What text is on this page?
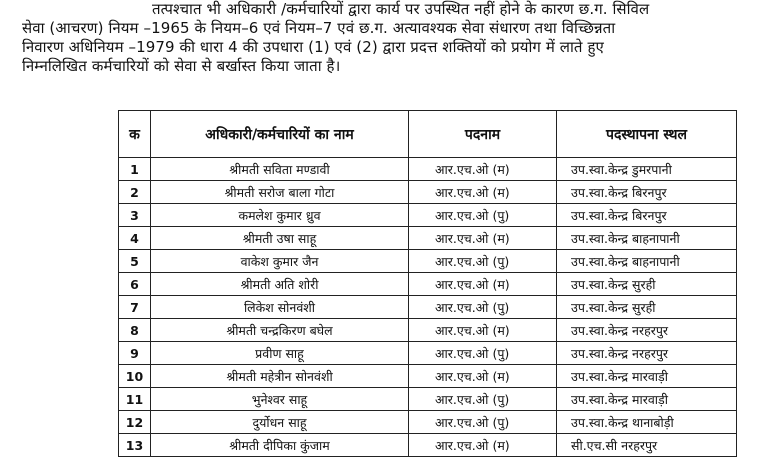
तत्पश्चात भी अधिकारी /कर्मचारियों द्वारा कार्य पर उपस्थित नहीं होने के कारण छ.ग. सिविल
सेवा (आचरण) नियम –1965 के नियम–6 एवं नियम–7 एवं छ.ग. अत्यावश्यक सेवा संधारण तथा विच्छिन्नता
निवारण अधिनियम –1979 की धारा 4 की उपधारा (1) एवं (2) द्वारा प्रदत्त शक्तियों को प्रयोग में लाते हुए
निम्नलिखित कर्मचारियों को सेवा से बर्खास्त किया जाता है।
क	अधिकारी/कर्मचारियों का नाम	पदनाम	पदस्थापना स्थल
1	श्रीमती सविता मण्डावी	आर.एच.ओ (म)	उप.स्वा.केन्द्र डुमरपानी
2	श्रीमती सरोज बाला गोटा	आर.एच.ओ (म)	उप.स्वा.केन्द्र बिरनपुर
3	कमलेश कुमार ध्रुव	आर.एच.ओ (पु)	उप.स्वा.केन्द्र बिरनपुर
4	श्रीमती उषा साहू	आर.एच.ओ (म)	उप.स्वा.केन्द्र बाहनापानी
5	वाकेश कुमार जैन	आर.एच.ओ (पु)	उप.स्वा.केन्द्र बाहनापानी
6	श्रीमती अति शोरी	आर.एच.ओ (म)	उप.स्वा.केन्द्र सुरही
7	लिकेश सोनवंशी	आर.एच.ओ (पु)	उप.स्वा.केन्द्र सुरही
8	श्रीमती चन्द्रकिरण बघेल	आर.एच.ओ (म)	उप.स्वा.केन्द्र नरहरपुर
9	प्रवीण साहू	आर.एच.ओ (पु)	उप.स्वा.केन्द्र नरहरपुर
10	श्रीमती महेत्रीन सोनवंशी	आर.एच.ओ (म)	उप.स्वा.केन्द्र मारवाड़ी
11	भुनेश्वर साहू	आर.एच.ओ (पु)	उप.स्वा.केन्द्र मारवाड़ी
12	दुर्योधन साहू	आर.एच.ओ (पु)	उप.स्वा.केन्द्र थानाबोड़ी
13	श्रीमती दीपिका कुंजाम	आर.एच.ओ (म)	सी.एच.सी नरहरपुर
